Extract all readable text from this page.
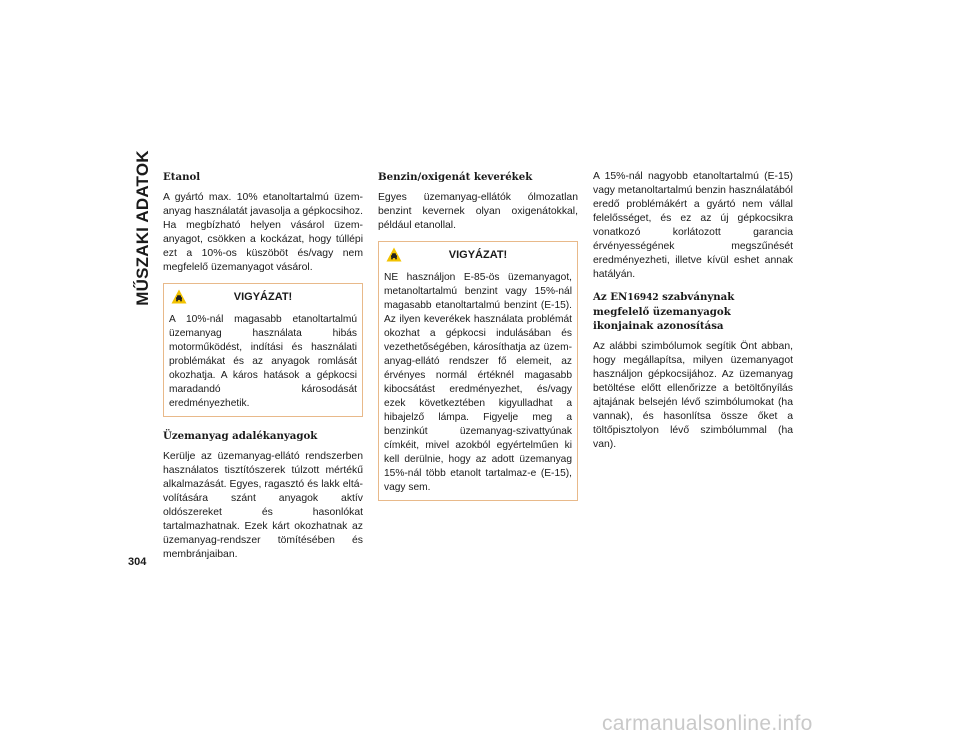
MŰSZAKI ADATOK Etanol

A gyártó max. 10% etanoltartalmú üzemanyag használatát javasolja a gépkocsihoz. Ha megbízható helyen vásárol üzemanyagot, csökken a kockázat, hogy túllépi ezt a 10%-os küszöböt és/vagy nem megfelelő üzemanyagot vásárol.

VIGYÁZAT!
A 10%-nál magasabb etanoltartalmú üzemanyag használata hibás motorműködést, indítási és használati problémákat és az anyagok romlását okozhatja. A káros hatások a gépkocsi maradandó károsodását eredményezhetik.
Üzemanyag adalékanyagok

Kerülje az üzemanyag-ellátó rendszerben használatos tisztítószerek túlzott mértékű alkalmazását. Egyes, ragasztó és lakk eltávolítására szánt anyagok aktív oldószereket és hasonlókat tartalmazhatnak. Ezek kárt okozhatnak az üzemanyag-rendszer tömítésében és membránjaiban.

Benzin/oxigenát keverékek

Egyes üzemanyag-ellátók ólmozatlan benzint kevernek olyan oxigenátokkal, például etanollal.

VIGYÁZAT!
NE használjon E-85-ös üzemanyagot, metanoltartalmú benzint vagy 15%-nál magasabb etanoltartalmú benzint (E-15). Az ilyen keverékek használata problémát okozhat a gépkocsi indulásában és vezethetőségében, károsíthatja az üzemanyag-ellátó rendszer fő elemeit, az érvényes normál értéknél magasabb kibocsátást eredményezhet, és/vagy ezek következtében kigyulladhat a hibajelző lámpa. Figyelje meg a benzinkút üzemanyag-szivattyúnak címkéit, mivel azokból egyértelműen ki kell derülnie, hogy az adott üzemanyag 15%-nál több etanolt tartalmaz-e (E-15), vagy sem.

A 15%-nál nagyobb etanoltartalmú (E-15) vagy metanoltartalmú benzin használatából eredő problémákért a gyártó nem vállal felelősséget, és ez az új gépkocsikra vonatkozó korlátozott garancia érvényességének megszűnését eredményezheti, illetve kívül eshet annak hatályán.

Az EN16942 szabványnak megfelelő üzemanyagok ikonjainak azonosítása

Az alábbi szimbólumok segítik Önt abban, hogy megállapítsa, milyen üzemanyagot használjon gépkocsijához. Az üzemanyag betöltése előtt ellenőrizze a betöltőnyílás ajtajának belsején lévő szimbólumokat (ha vannak), és hasonlítsa össze őket a töltőpisztolyon lévő szimbólummal (ha van).

304
carmanualsonline.info
